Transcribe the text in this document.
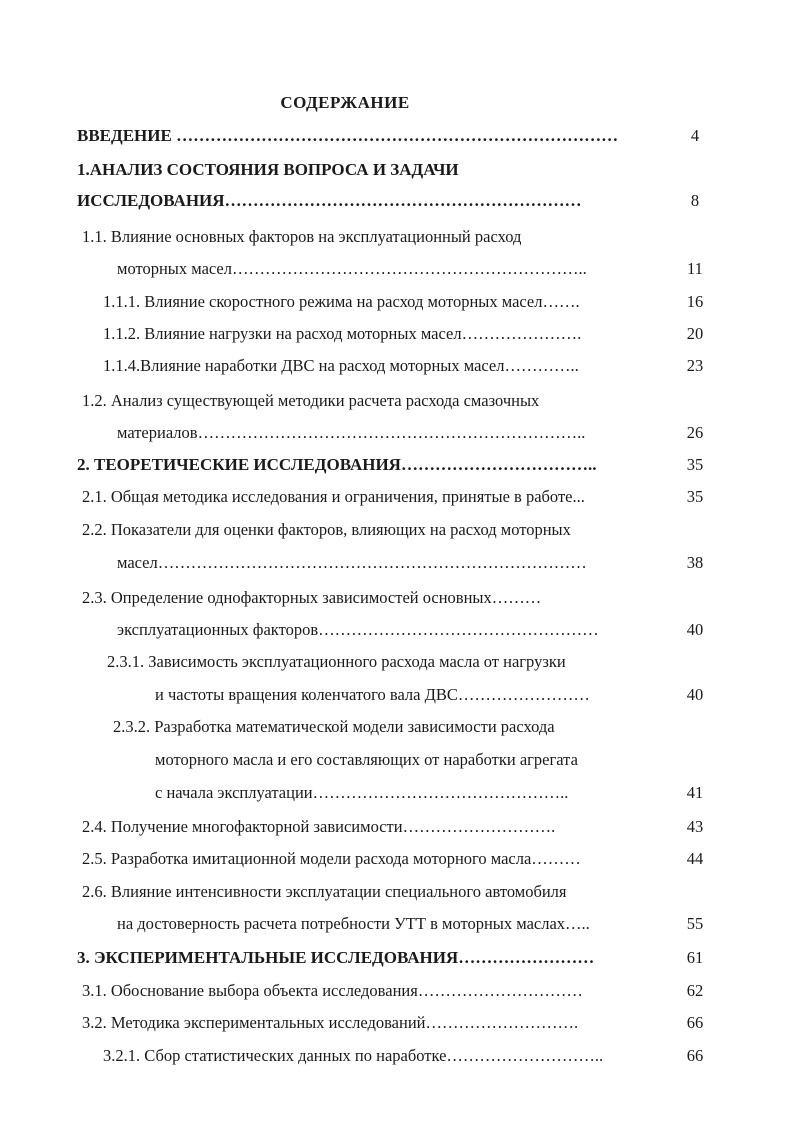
СОДЕРЖАНИЕ
ВВЕДЕНИЕ ……………………………………………………………………	4
1.АНАЛИЗ СОСТОЯНИЯ ВОПРОСА И ЗАДАЧИ
ИССЛЕДОВАНИЯ………………………………………………………	8
1.1. Влияние основных факторов на эксплуатационный расход
моторных масел………………………………………………………..	11
1.1.1. Влияние скоростного режима на расход моторных масел…….	16
1.1.2. Влияние нагрузки на расход моторных масел………………….	20
1.1.4.Влияние наработки ДВС на расход моторных масел…………..	23
1.2. Анализ существующей методики расчета расхода смазочных
материалов……………………………………………………………..	26
2. ТЕОРЕТИЧЕСКИЕ ИССЛЕДОВАНИЯ……………………………..	35
2.1. Общая методика исследования и ограничения, принятые в работе...	35
2.2. Показатели для оценки факторов, влияющих на расход моторных
масел……………………………………………………………………	38
2.3. Определение однофакторных зависимостей основных………
эксплуатационных факторов……………………………………………	40
2.3.1. Зависимость эксплуатационного расхода масла от нагрузки
и частоты вращения коленчатого вала ДВС……………………	40
2.3.2. Разработка математической модели зависимости расхода
моторного масла и его составляющих от наработки агрегата
с начала эксплуатации………………………………………..	41
2.4. Получение многофакторной зависимости……………………….	43
2.5. Разработка имитационной модели расхода моторного масла………	44
2.6. Влияние интенсивности эксплуатации специального автомобиля
на достоверность расчета потребности УТТ в моторных маслах…..	55
3. ЭКСПЕРИМЕНТАЛЬНЫЕ ИССЛЕДОВАНИЯ……………………	61
3.1. Обоснование выбора объекта исследования…………………………	62
3.2. Методика экспериментальных исследований……………………….	66
3.2.1. Сбор статистических данных по наработке………………………..	66
